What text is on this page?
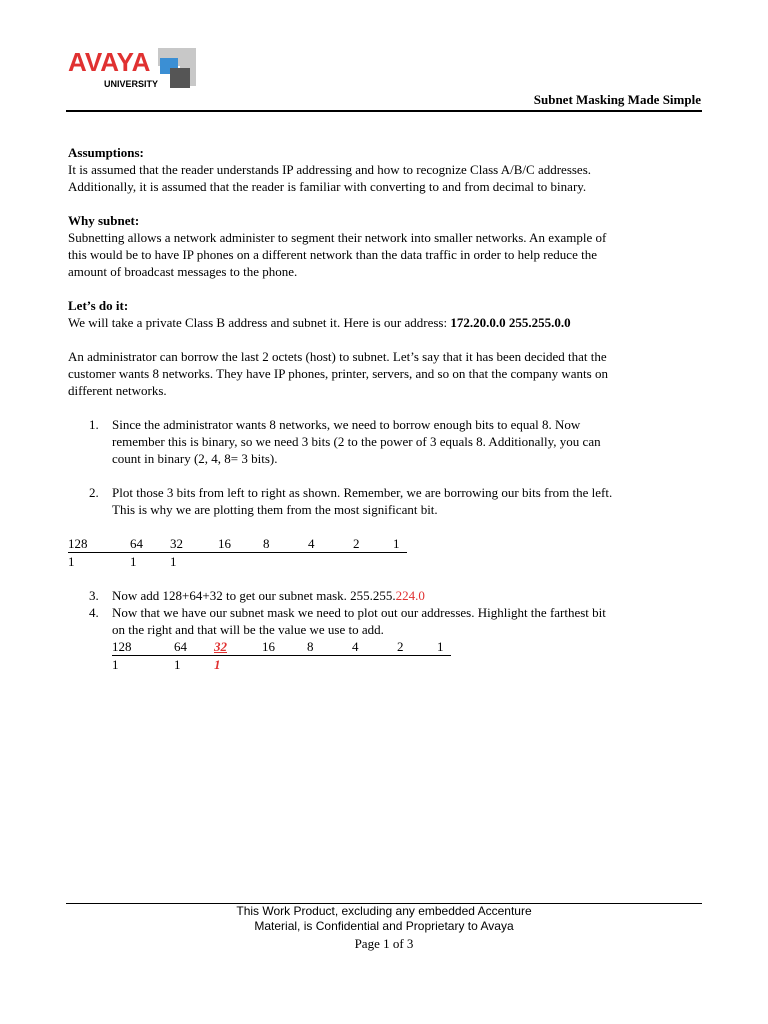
AVAYA
UNIVERSITY
Subnet Masking Made Simple

Assumptions:
It is assumed that the reader understands IP addressing and how to recognize Class A/B/C addresses.
Additionally, it is assumed that the reader is familiar with converting to and from decimal to binary.

Why subnet:
Subnetting allows a network administer to segment their network into smaller networks. An example of
this would be to have IP phones on a different network than the data traffic in order to help reduce the
amount of broadcast messages to the phone.

Let’s do it:
We will take a private Class B address and subnet it. Here is our address: 172.20.0.0 255.255.0.0

An administrator can borrow the last 2 octets (host) to subnet. Let’s say that it has been decided that the
customer wants 8 networks. They have IP phones, printer, servers, and so on that the company wants on
different networks.

1. Since the administrator wants 8 networks, we need to borrow enough bits to equal 8. Now
remember this is binary, so we need 3 bits (2 to the power of 3 equals 8. Additionally, you can
count in binary (2, 4, 8= 3 bits).
2. Plot those 3 bits from left to right as shown. Remember, we are borrowing our bits from the left.
This is why we are plotting them from the most significant bit.
128	64	32	16	8	4	2	1
1	1	1					
3. Now add 128+64+32 to get our subnet mask. 255.255.224.0
4. Now that we have our subnet mask we need to plot out our addresses. Highlight the farthest bit
on the right and that will be the value we use to add.
128	64	32	16	8	4	2	1
1	1	1					
This Work Product, excluding any embedded Accenture
Material, is Confidential and Proprietary to Avaya
Page 1 of 3
